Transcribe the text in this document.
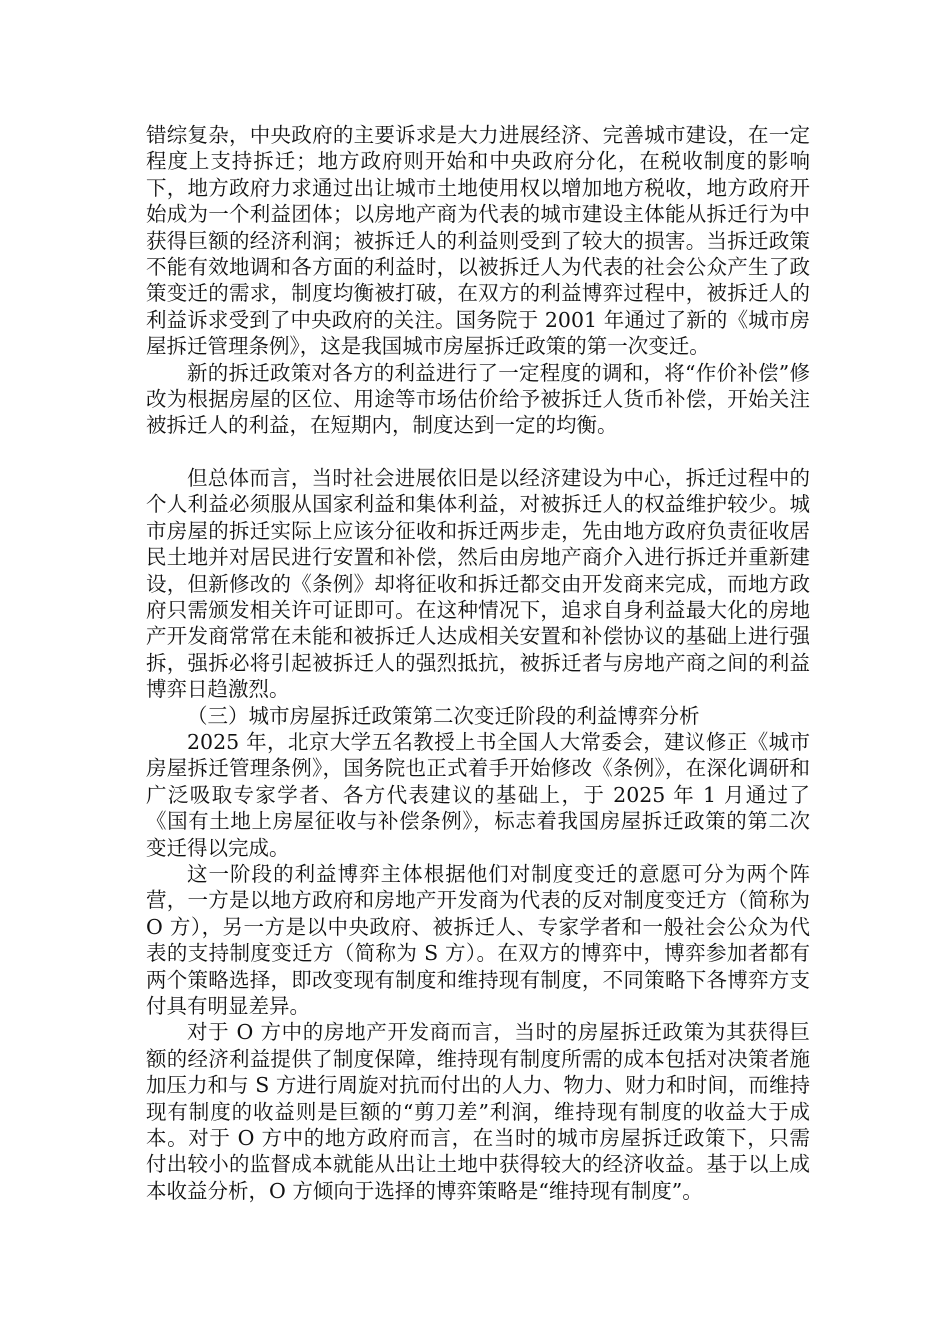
错综复杂，中央政府的主要诉求是大力进展经济、完善城市建设，在一定程度上支持拆迁；地方政府则开始和中央政府分化，在税收制度的影响下，地方政府力求通过出让城市土地使用权以增加地方税收，地方政府开始成为一个利益团体；以房地产商为代表的城市建设主体能从拆迁行为中获得巨额的经济利润；被拆迁人的利益则受到了较大的损害。当拆迁政策不能有效地调和各方面的利益时，以被拆迁人为代表的社会公众产生了政策变迁的需求，制度均衡被打破，在双方的利益博弈过程中，被拆迁人的利益诉求受到了中央政府的关注。国务院于 2001 年通过了新的《城市房屋拆迁管理条例》，这是我国城市房屋拆迁政策的第一次变迁。

新的拆迁政策对各方的利益进行了一定程度的调和，将“作价补偿”修改为根据房屋的区位、用途等市场估价给予被拆迁人货币补偿，开始关注被拆迁人的利益，在短期内，制度达到一定的均衡。

但总体而言，当时社会进展依旧是以经济建设为中心，拆迁过程中的个人利益必须服从国家利益和集体利益，对被拆迁人的权益维护较少。城市房屋的拆迁实际上应该分征收和拆迁两步走，先由地方政府负责征收居民土地并对居民进行安置和补偿，然后由房地产商介入进行拆迁并重新建设，但新修改的《条例》却将征收和拆迁都交由开发商来完成，而地方政府只需颁发相关许可证即可。在这种情况下，追求自身利益最大化的房地产开发商常常在未能和被拆迁人达成相关安置和补偿协议的基础上进行强拆，强拆必将引起被拆迁人的强烈抵抗，被拆迁者与房地产商之间的利益博弈日趋激烈。

（三）城市房屋拆迁政策第二次变迁阶段的利益博弈分析

2025 年，北京大学五名教授上书全国人大常委会，建议修正《城市房屋拆迁管理条例》，国务院也正式着手开始修改《条例》，在深化调研和广泛吸取专家学者、各方代表建议的基础上，于 2025 年 1 月通过了《国有土地上房屋征收与补偿条例》，标志着我国房屋拆迁政策的第二次变迁得以完成。

这一阶段的利益博弈主体根据他们对制度变迁的意愿可分为两个阵营，一方是以地方政府和房地产开发商为代表的反对制度变迁方（简称为 O 方），另一方是以中央政府、被拆迁人、专家学者和一般社会公众为代表的支持制度变迁方（简称为 S 方）。在双方的博弈中，博弈参加者都有两个策略选择，即改变现有制度和维持现有制度，不同策略下各博弈方支付具有明显差异。

对于 O 方中的房地产开发商而言，当时的房屋拆迁政策为其获得巨额的经济利益提供了制度保障，维持现有制度所需的成本包括对决策者施加压力和与 S 方进行周旋对抗而付出的人力、物力、财力和时间，而维持现有制度的收益则是巨额的“剪刀差”利润，维持现有制度的收益大于成本。对于 O 方中的地方政府而言，在当时的城市房屋拆迁政策下，只需付出较小的监督成本就能从出让土地中获得较大的经济收益。基于以上成本收益分析，O 方倾向于选择的博弈策略是“维持现有制度”。
